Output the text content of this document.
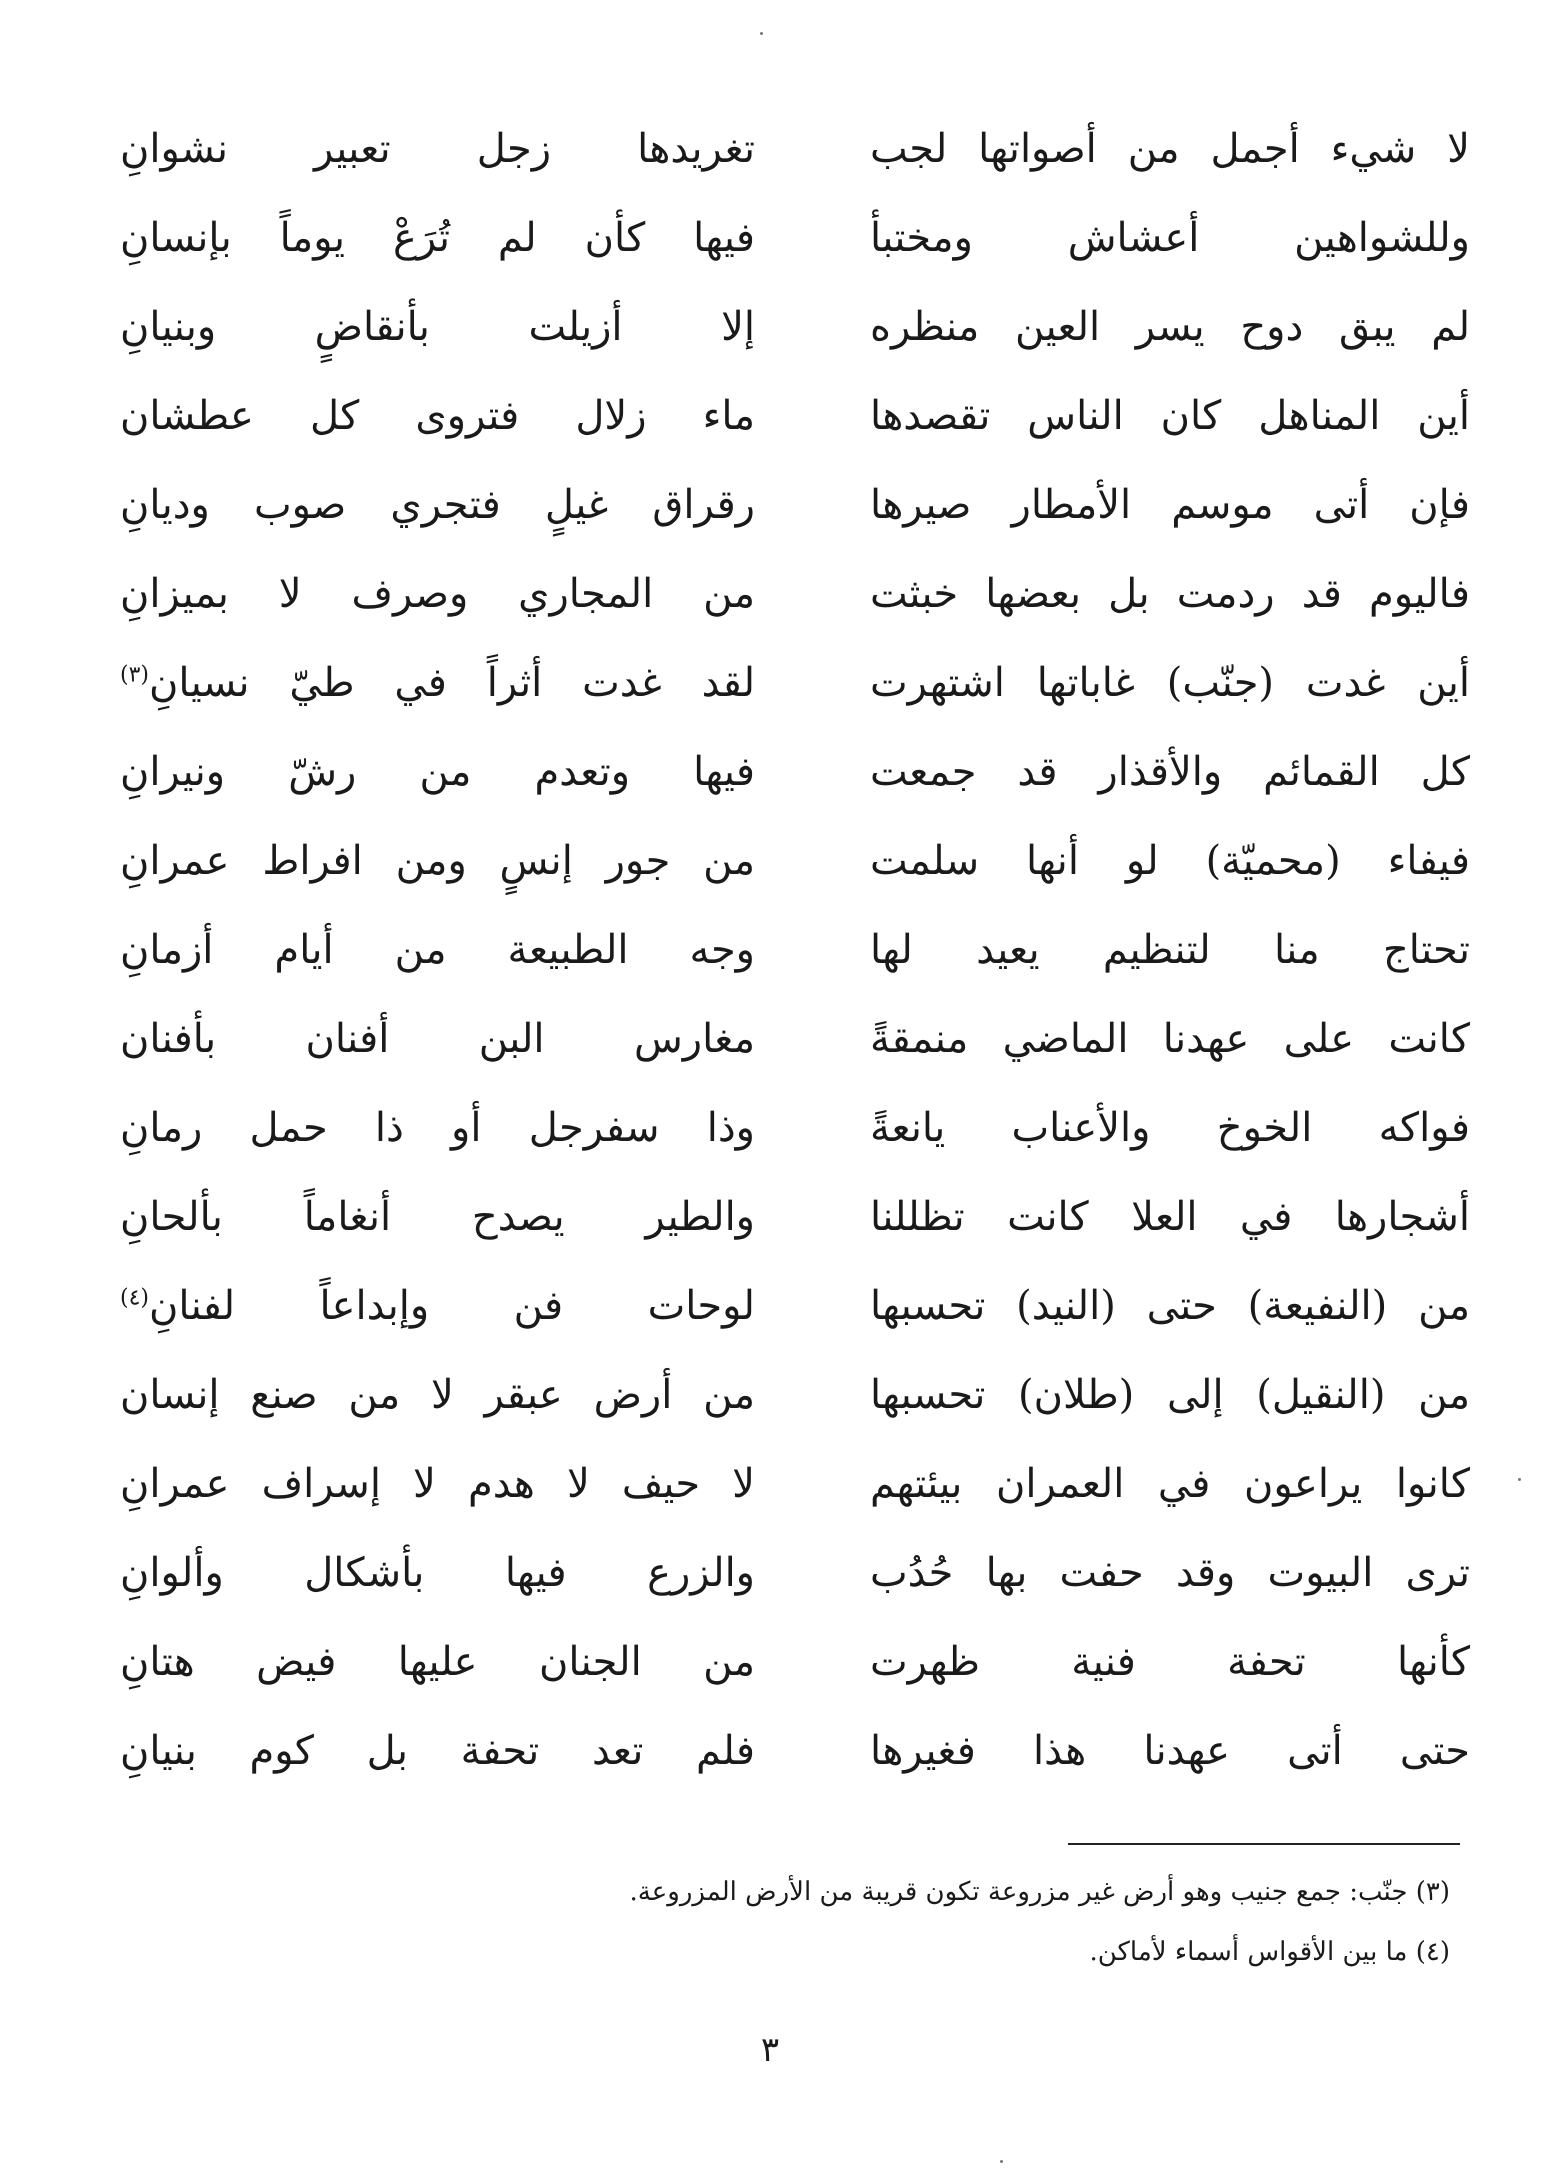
لا شيء أجمل من أصواتها لجب
تغريدها زجل تعبير نشوانِ
وللشواهين أعشاش ومختبأ
فيها كأن لم تُرَعْ يوماً بإنسانِ
لم يبق دوح يسر العين منظره
إلا أزيلت بأنقاضٍ وبنيانِ
أين المناهل كان الناس تقصدها
ماء زلال فتروى كل عطشان
فإن أتى موسم الأمطار صيرها
رقراق غيلٍ فتجري صوب وديانِ
فاليوم قد ردمت بل بعضها خبثت
من المجاري وصرف لا بميزانِ
أين غدت (جنّب) غاباتها اشتهرت
لقد غدت أثراً في طيّ نسيانِ$^{(٣)}$
كل القمائم والأقذار قد جمعت
فيها وتعدم من رشّ ونيرانِ
فيفاء (محميّة) لو أنها سلمت
من جور إنسٍ ومن افراط عمرانِ
تحتاج منا لتنظيم يعيد لها
وجه الطبيعة من أيام أزمانِ
كانت على عهدنا الماضي منمقةً
مغارس البن أفنان بأفنان
فواكه الخوخ والأعناب يانعةً
وذا سفرجل أو ذا حمل رمانِ
أشجارها في العلا كانت تظللنا
والطير يصدح أنغاماً بألحانِ
من (النفيعة) حتى (النيد) تحسبها
لوحات فن وإبداعاً لفنانِ$^{(٤)}$
من (النقيل) إلى (طلان) تحسبها
من أرض عبقر لا من صنع إنسان
كانوا يراعون في العمران بيئتهم
لا حيف لا هدم لا إسراف عمرانِ
ترى البيوت وقد حفت بها حُدُب
والزرع فيها بأشكال وألوانِ
كأنها تحفة فنية ظهرت
من الجنان عليها فيض هتانِ
حتى أتى عهدنا هذا فغيرها
فلم تعد تحفة بل كوم بنيانِ
(٣) جنّب: جمع جنيب وهو أرض غير مزروعة تكون قريبة من الأرض المزروعة.
(٤) ما بين الأقواس أسماء لأماكن.
٣
